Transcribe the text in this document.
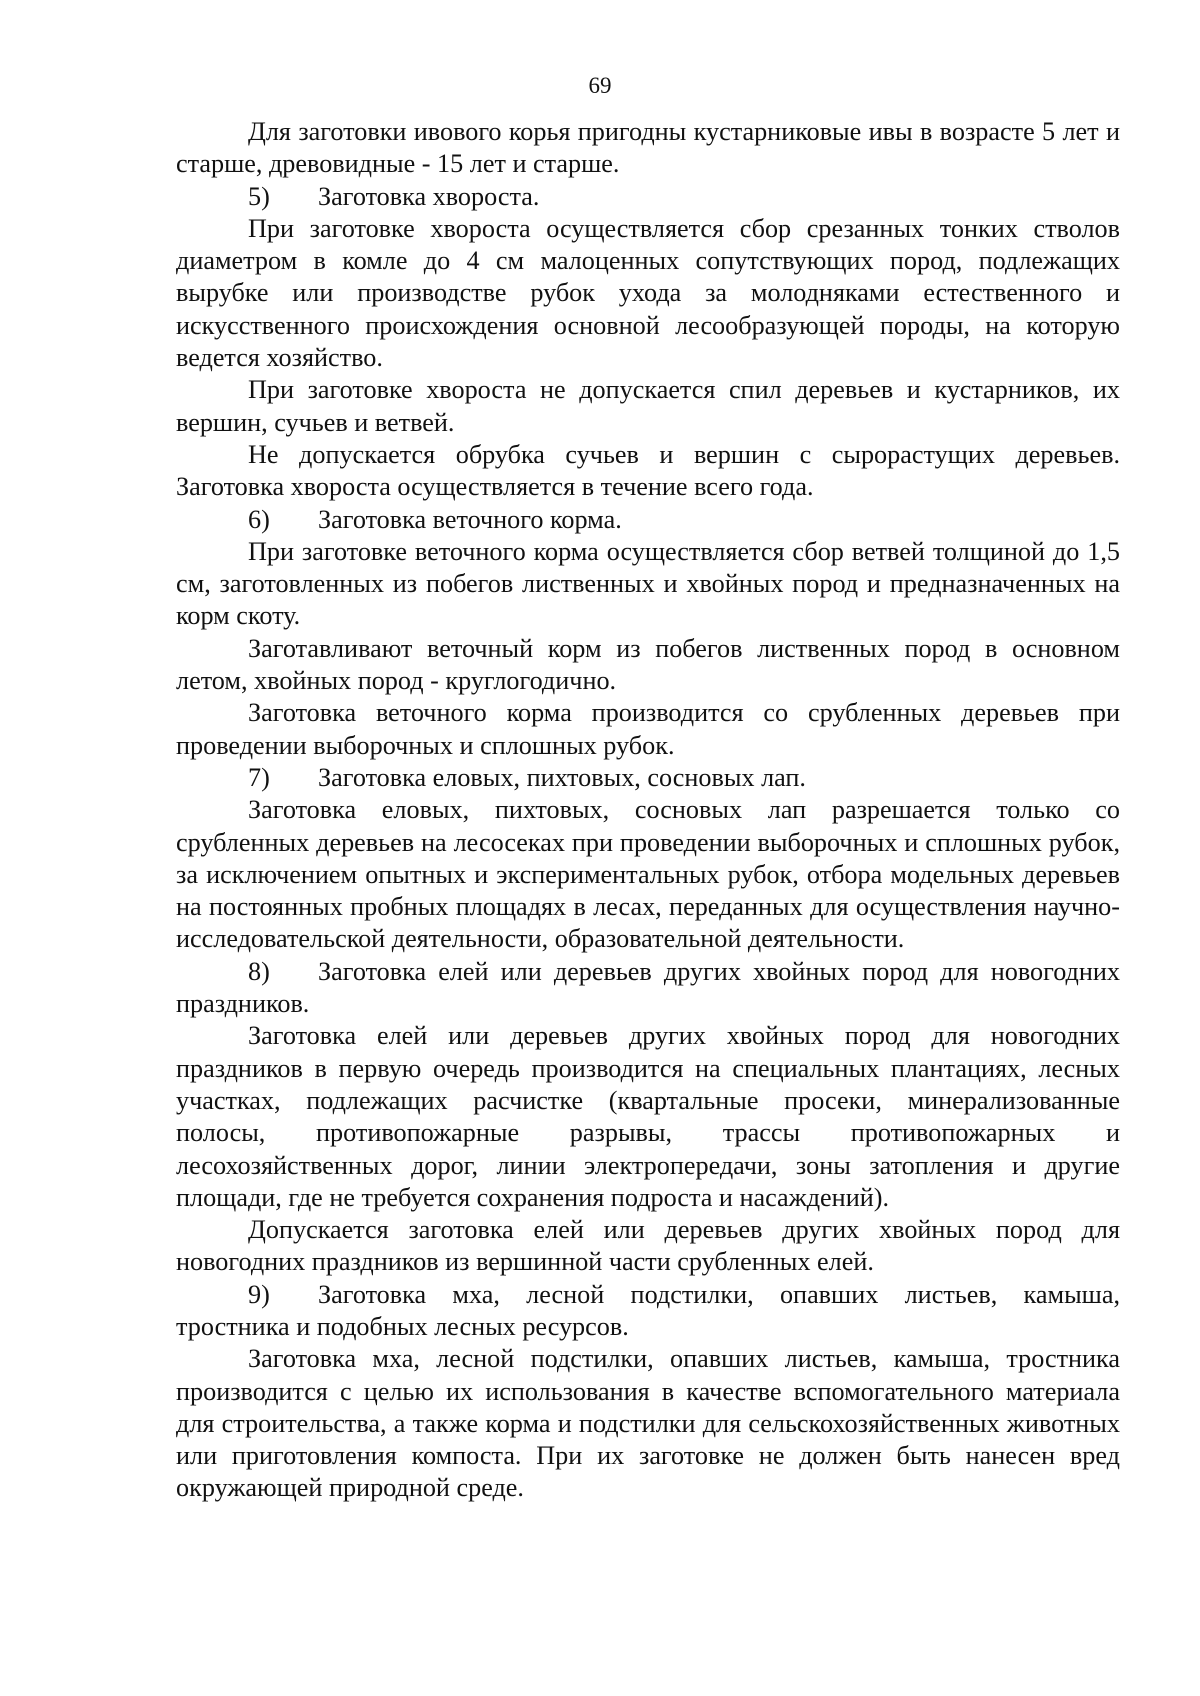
69

Для заготовки ивового корья пригодны кустарниковые ивы в возрасте 5 лет и старше, древовидные - 15 лет и старше.

5) Заготовка хвороста.

При заготовке хвороста осуществляется сбор срезанных тонких стволов диаметром в комле до 4 см малоценных сопутствующих пород, подлежащих вырубке или производстве рубок ухода за молодняками естественного и искусственного происхождения основной лесообразующей породы, на которую ведется хозяйство.

При заготовке хвороста не допускается спил деревьев и кустарников, их вершин, сучьев и ветвей.

Не допускается обрубка сучьев и вершин с сырорастущих деревьев. Заготовка хвороста осуществляется в течение всего года.

6) Заготовка веточного корма.

При заготовке веточного корма осуществляется сбор ветвей толщиной до 1,5 см, заготовленных из побегов лиственных и хвойных пород и предназначенных на корм скоту.

Заготавливают веточный корм из побегов лиственных пород в основном летом, хвойных пород - круглогодично.

Заготовка веточного корма производится со срубленных деревьев при проведении выборочных и сплошных рубок.

7) Заготовка еловых, пихтовых, сосновых лап.

Заготовка еловых, пихтовых, сосновых лап разрешается только со срубленных деревьев на лесосеках при проведении выборочных и сплошных рубок, за исключением опытных и экспериментальных рубок, отбора модельных деревьев на постоянных пробных площадях в лесах, переданных для осуществления научно-исследовательской деятельности, образовательной деятельности.

8) Заготовка елей или деревьев других хвойных пород для новогодних праздников.

Заготовка елей или деревьев других хвойных пород для новогодних праздников в первую очередь производится на специальных плантациях, лесных участках, подлежащих расчистке (квартальные просеки, минерализованные полосы, противопожарные разрывы, трассы противопожарных и лесохозяйственных дорог, линии электропередачи, зоны затопления и другие площади, где не требуется сохранения подроста и насаждений).

Допускается заготовка елей или деревьев других хвойных пород для новогодних праздников из вершинной части срубленных елей.

9) Заготовка мха, лесной подстилки, опавших листьев, камыша, тростника и подобных лесных ресурсов.

Заготовка мха, лесной подстилки, опавших листьев, камыша, тростника производится с целью их использования в качестве вспомогательного материала для строительства, а также корма и подстилки для сельскохозяйственных животных или приготовления компоста. При их заготовке не должен быть нанесен вред окружающей природной среде.
